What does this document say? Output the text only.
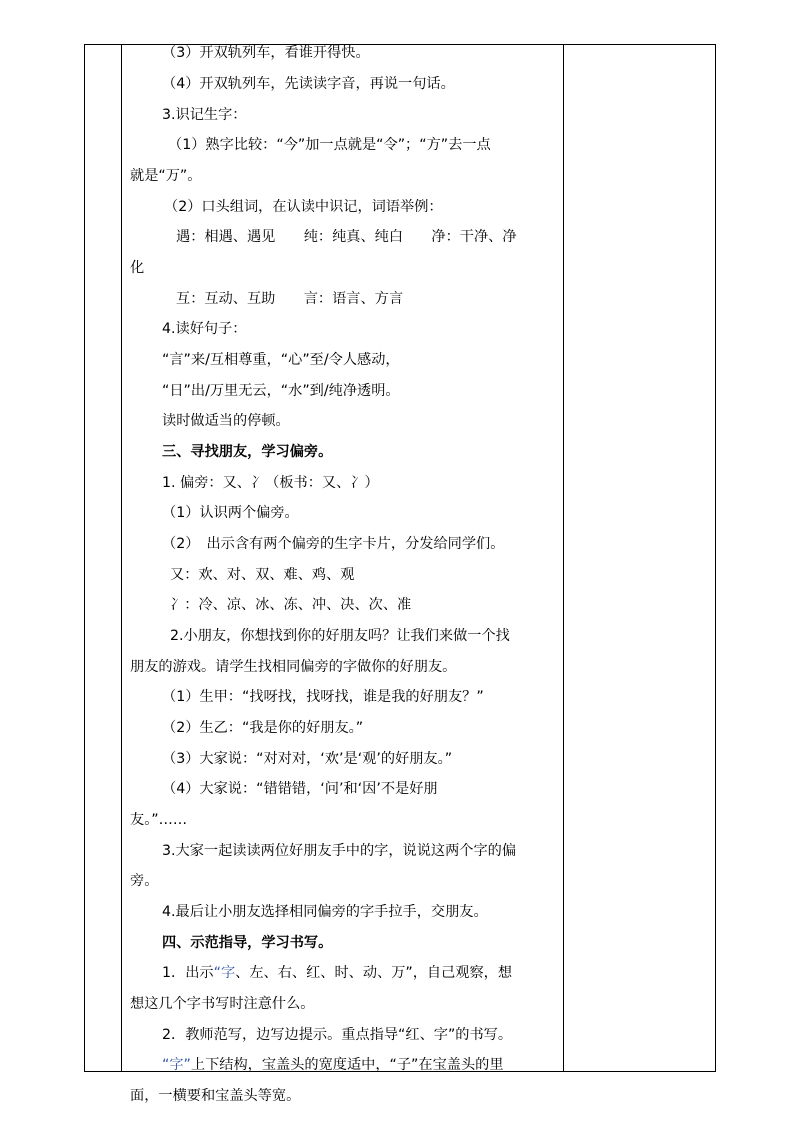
（3）开双轨列车，看谁开得快。
（4）开双轨列车，先读读字音，再说一句话。
3.识记生字：
（1）熟字比较：“今”加一点就是“令”；“方”去一点
就是“万”。
（2）口头组词，在认读中识记，词语举例：
遇：相遇、遇见　　纯：纯真、纯白　　净：干净、净
化
互：互动、互助　　言：语言、方言
4.读好句子：
“言”来/互相尊重，“心”至/令人感动，
“日”出/万里无云，“水”到/纯净透明。
读时做适当的停顿。
三、寻找朋友，学习偏旁。
1. 偏旁：又、冫（板书：又、冫）
（1）认识两个偏旁。
（2）　出示含有两个偏旁的生字卡片，分发给同学们。
又：欢、对、双、难、鸡、观
冫：冷、凉、冰、冻、冲、决、次、准
2.小朋友，你想找到你的好朋友吗？让我们来做一个找
朋友的游戏。请学生找相同偏旁的字做你的好朋友。
（1）生甲：“找呀找，找呀找，谁是我的好朋友？”
（2）生乙：“我是你的好朋友。”
（3）大家说：“对对对，‘欢’是‘观’的好朋友。”
（4）大家说：“错错错，‘问’和‘因’不是好朋
友。”……
3.大家一起读读两位好朋友手中的字，说说这两个字的偏
旁。
4.最后让小朋友选择相同偏旁的字手拉手，交朋友。
四、示范指导，学习书写。
1．出示“字、左、右、红、时、动、万”，自己观察，想
想这几个字书写时注意什么。
2．教师范写，边写边提示。重点指导“红、字”的书写。
“字”上下结构，宝盖头的宽度适中，“子”在宝盖头的里
面，一横要和宝盖头等宽。
